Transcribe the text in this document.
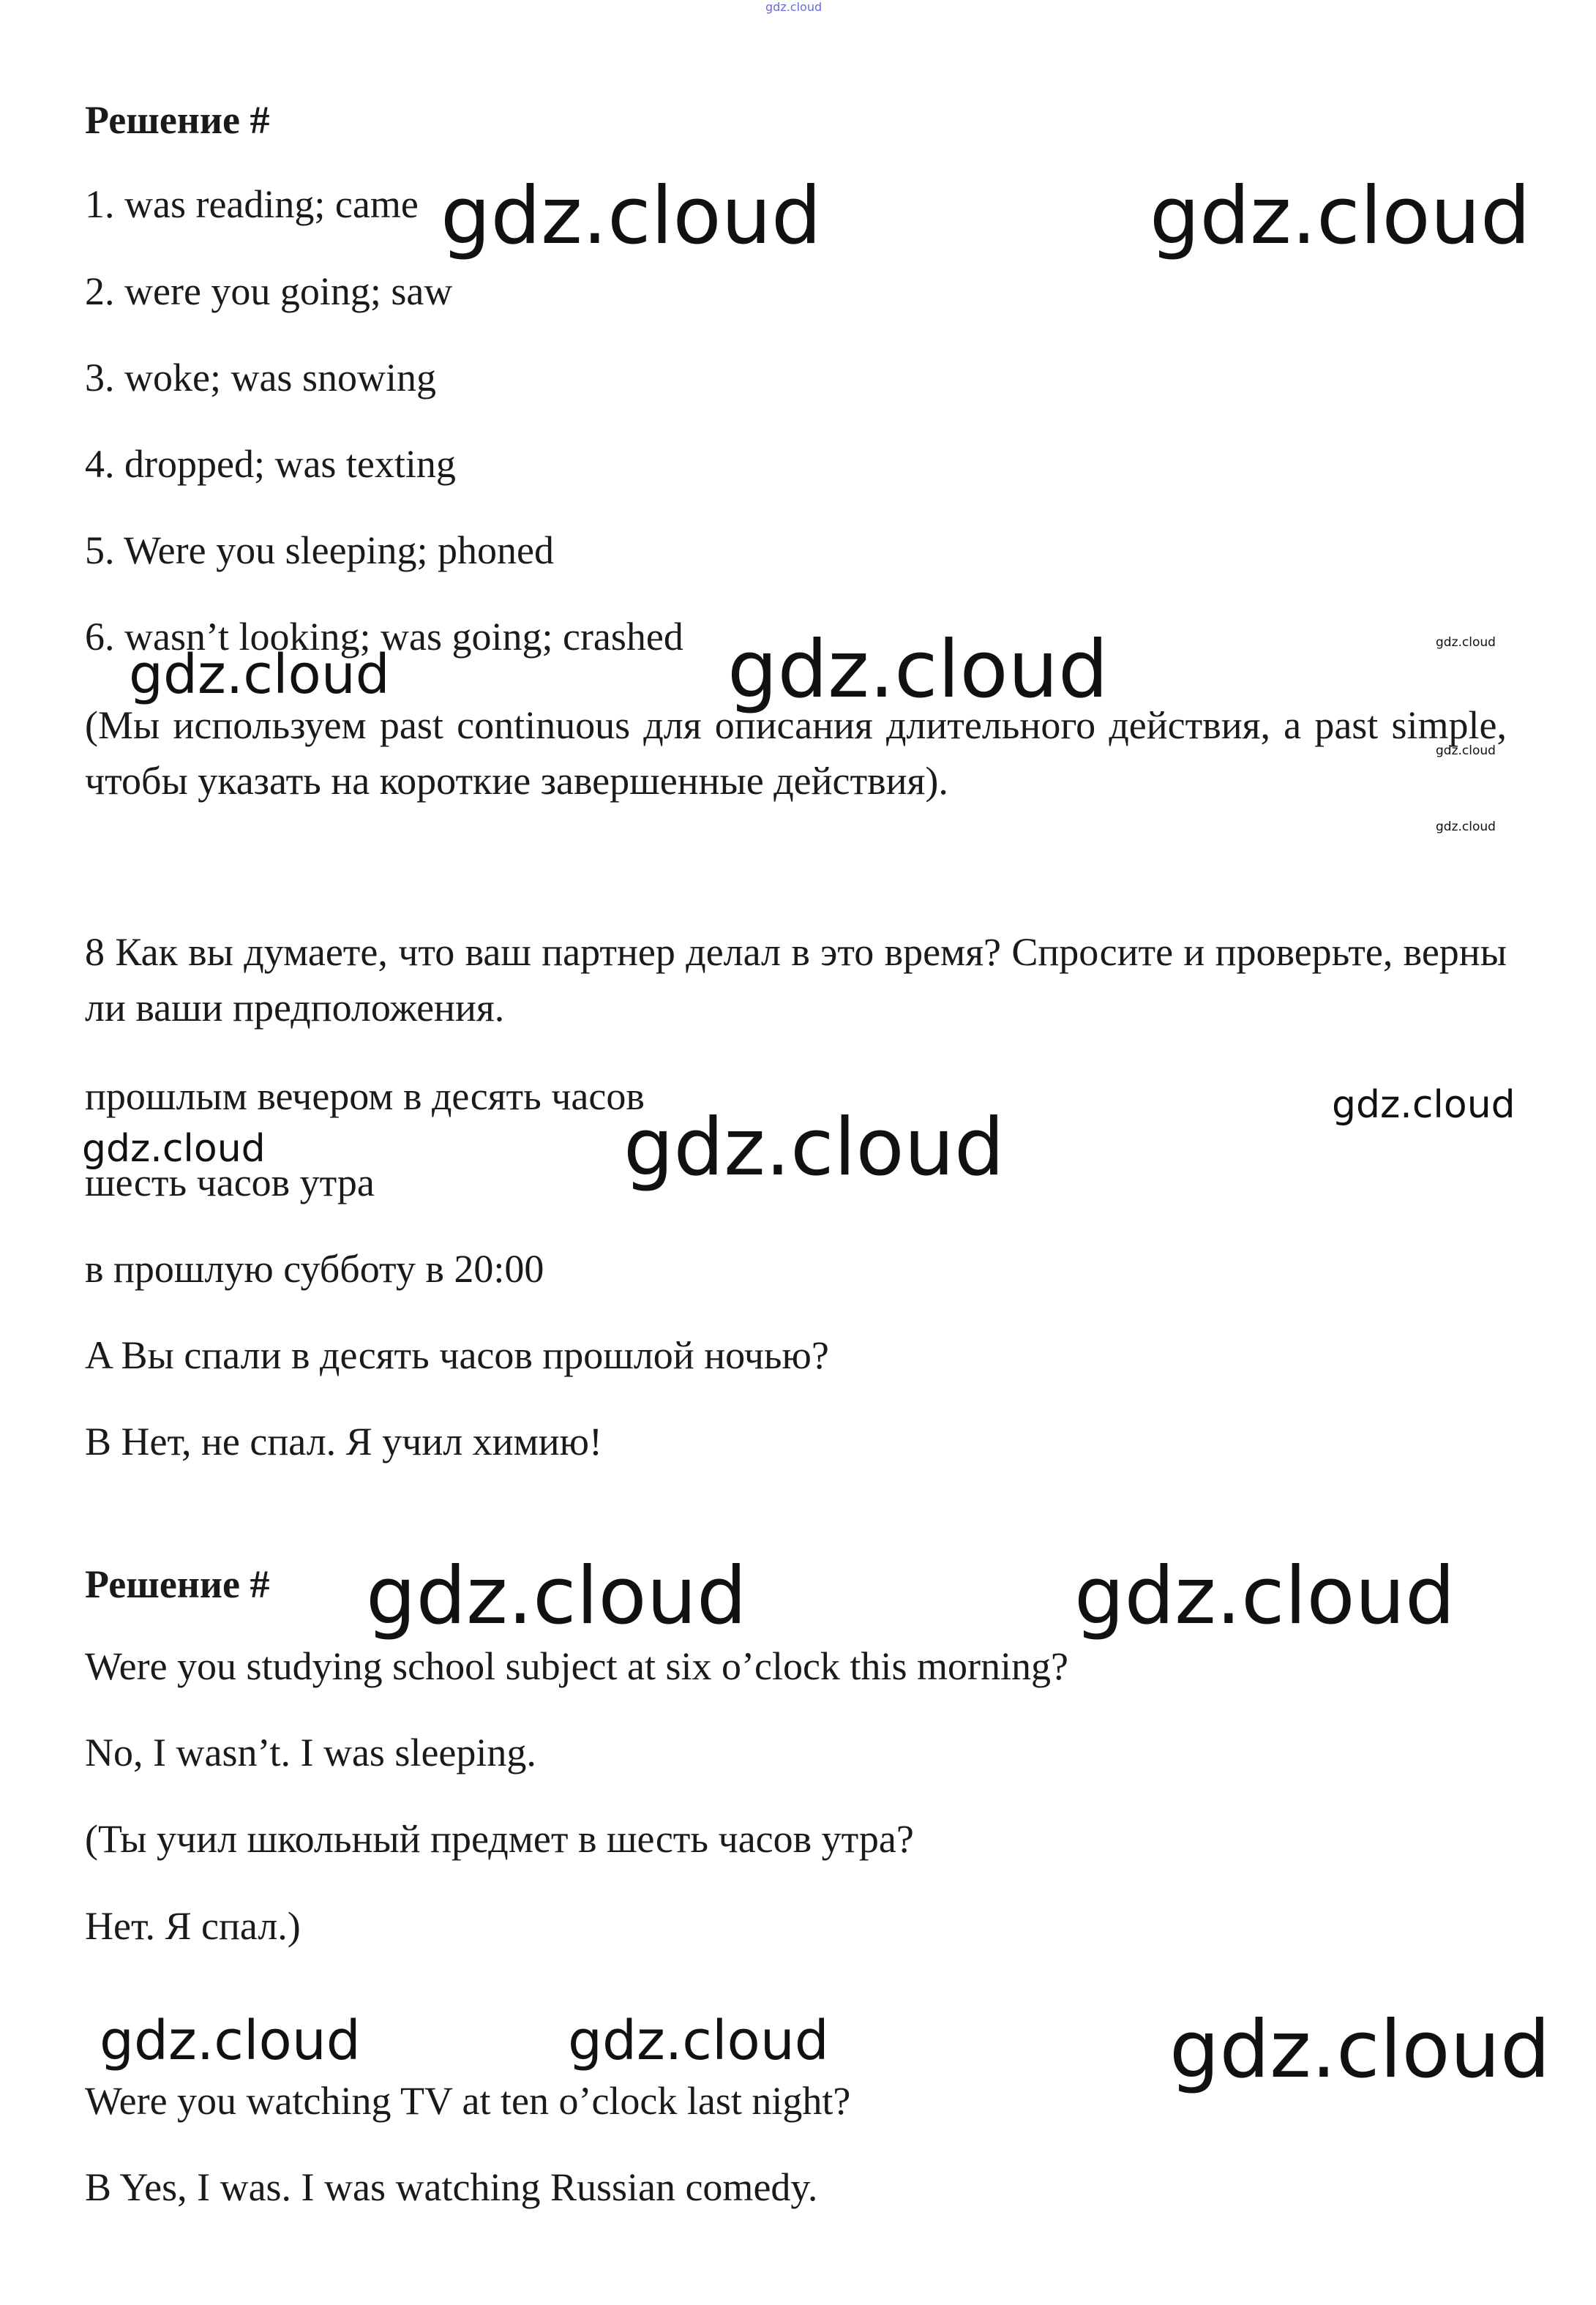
gdz.cloud
Решение #
1. was reading; came
2. were you going; saw
3. woke; was snowing
4. dropped; was texting
5. Were you sleeping; phoned
6. wasn’t looking; was going; crashed
(Мы используем past continuous для описания длительного действия, а past simple, чтобы указать на короткие завершенные действия).
8 Как вы думаете, что ваш партнер делал в это время? Спросите и проверьте, верны ли ваши предположения.
прошлым вечером в десять часов
шесть часов утра
в прошлую субботу в 20:00
A Вы спали в десять часов прошлой ночью?
B Нет, не спал. Я учил химию!
Решение #
Were you studying school subject at six o’clock this morning?
No, I wasn’t. I was sleeping.
(Ты учил школьный предмет в шесть часов утра?
Нет. Я спал.)
Were you watching TV at ten o’clock last night?
B Yes, I was. I was watching Russian comedy.
gdz.cloud	gdz.cloud
gdz.cloud	gdz.cloud	gdz.cloud
gdz.cloud
gdz.cloud
gdz.cloud
gdz.cloud	gdz.cloud
gdz.cloud	gdz.cloud
gdz.cloud	gdz.cloud	gdz.cloud
